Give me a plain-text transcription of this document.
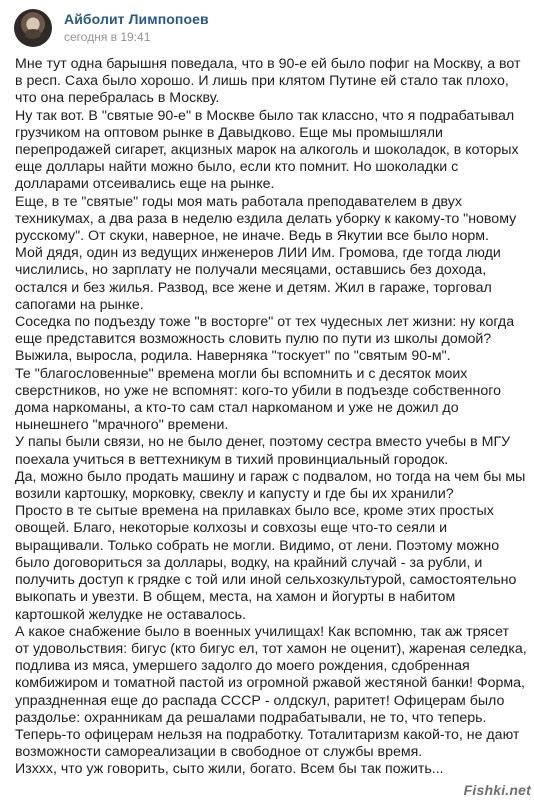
Айболит Лимпопоев
сегодня в 19:41

Мне тут одна барышня поведала, что в 90-е ей было пофиг на Москву, а вот в респ. Саха было хорошо. И лишь при клятом Путине ей стало так плохо, что она перебралась в Москву.

Ну так вот. В "святые 90-е" в Москве было так классно, что я подрабатывал грузчиком на оптовом рынке в Давыдково. Еще мы промышляли перепродажей сигарет, акцизных марок на алкоголь и шоколадок, в которых еще доллары найти можно было, если кто помнит. Но шоколадки с долларами отсеивались еще на рынке.

Еще, в те "святые" годы моя мать работала преподавателем в двух техникумах, а два раза в неделю ездила делать уборку к какому-то "новому русскому". От скуки, наверное, не иначе. Ведь в Якутии все было норм.

Мой дядя, один из ведущих инженеров ЛИИ Им. Громова, где тогда люди числились, но зарплату не получали месяцами, оставшись без дохода, остался и без жилья. Развод, все жене и детям. Жил в гараже, торговал сапогами на рынке.

Соседка по подъезду тоже "в восторге" от тех чудесных лет жизни: ну когда еще представится возможность словить пулю по пути из школы домой? Выжила, выросла, родила. Наверняка "тоскует" по "святым 90-м".

Те "благословенные" времена могли бы вспомнить и с десяток моих сверстников, но уже не вспомнят: кого-то убили в подъезде собственного дома наркоманы, а кто-то сам стал наркоманом и уже не дожил до нынешнего "мрачного" времени.

У папы были связи, но не было денег, поэтому сестра вместо учебы в МГУ поехала учиться в веттехникум в тихий провинциальный городок.

Да, можно было продать машину и гараж с подвалом, но тогда на чем бы мы возили картошку, морковку, свеклу и капусту и где бы их хранили?

Просто в те сытые времена на прилавках было все, кроме этих простых овощей. Благо, некоторые колхозы и совхозы еще что-то сеяли и выращивали. Только собрать не могли. Видимо, от лени. Поэтому можно было договориться за доллары, водку, на крайний случай - за рубли, и получить доступ к грядке с той или иной сельхозкультурой, самостоятельно выкопать и увезти. В общем, места, на хамон и йогурты в набитом картошкой желудке не оставалось.

А какое снабжение было в военных училищах! Как вспомню, так аж трясет от удовольствия: бигус (кто бигус ел, тот хамон не оценит), жареная селедка, подлива из мяса, умершего задолго до моего рождения, сдобренная комбижиром и томатной пастой из огромной ржавой жестяной банки! Форма, упраздненная еще до распада СССР - олдскул, раритет! Офицерам было раздолье: охранникам да решалами подрабатывали, не то, что теперь. Теперь-то офицерам нельзя на подработку. Тоталитаризм какой-то, не дают возможности самореализации в свободное от службы время.

Изххх, что уж говорить, сыто жили, богато. Всем бы так пожить...

Fishki.net
